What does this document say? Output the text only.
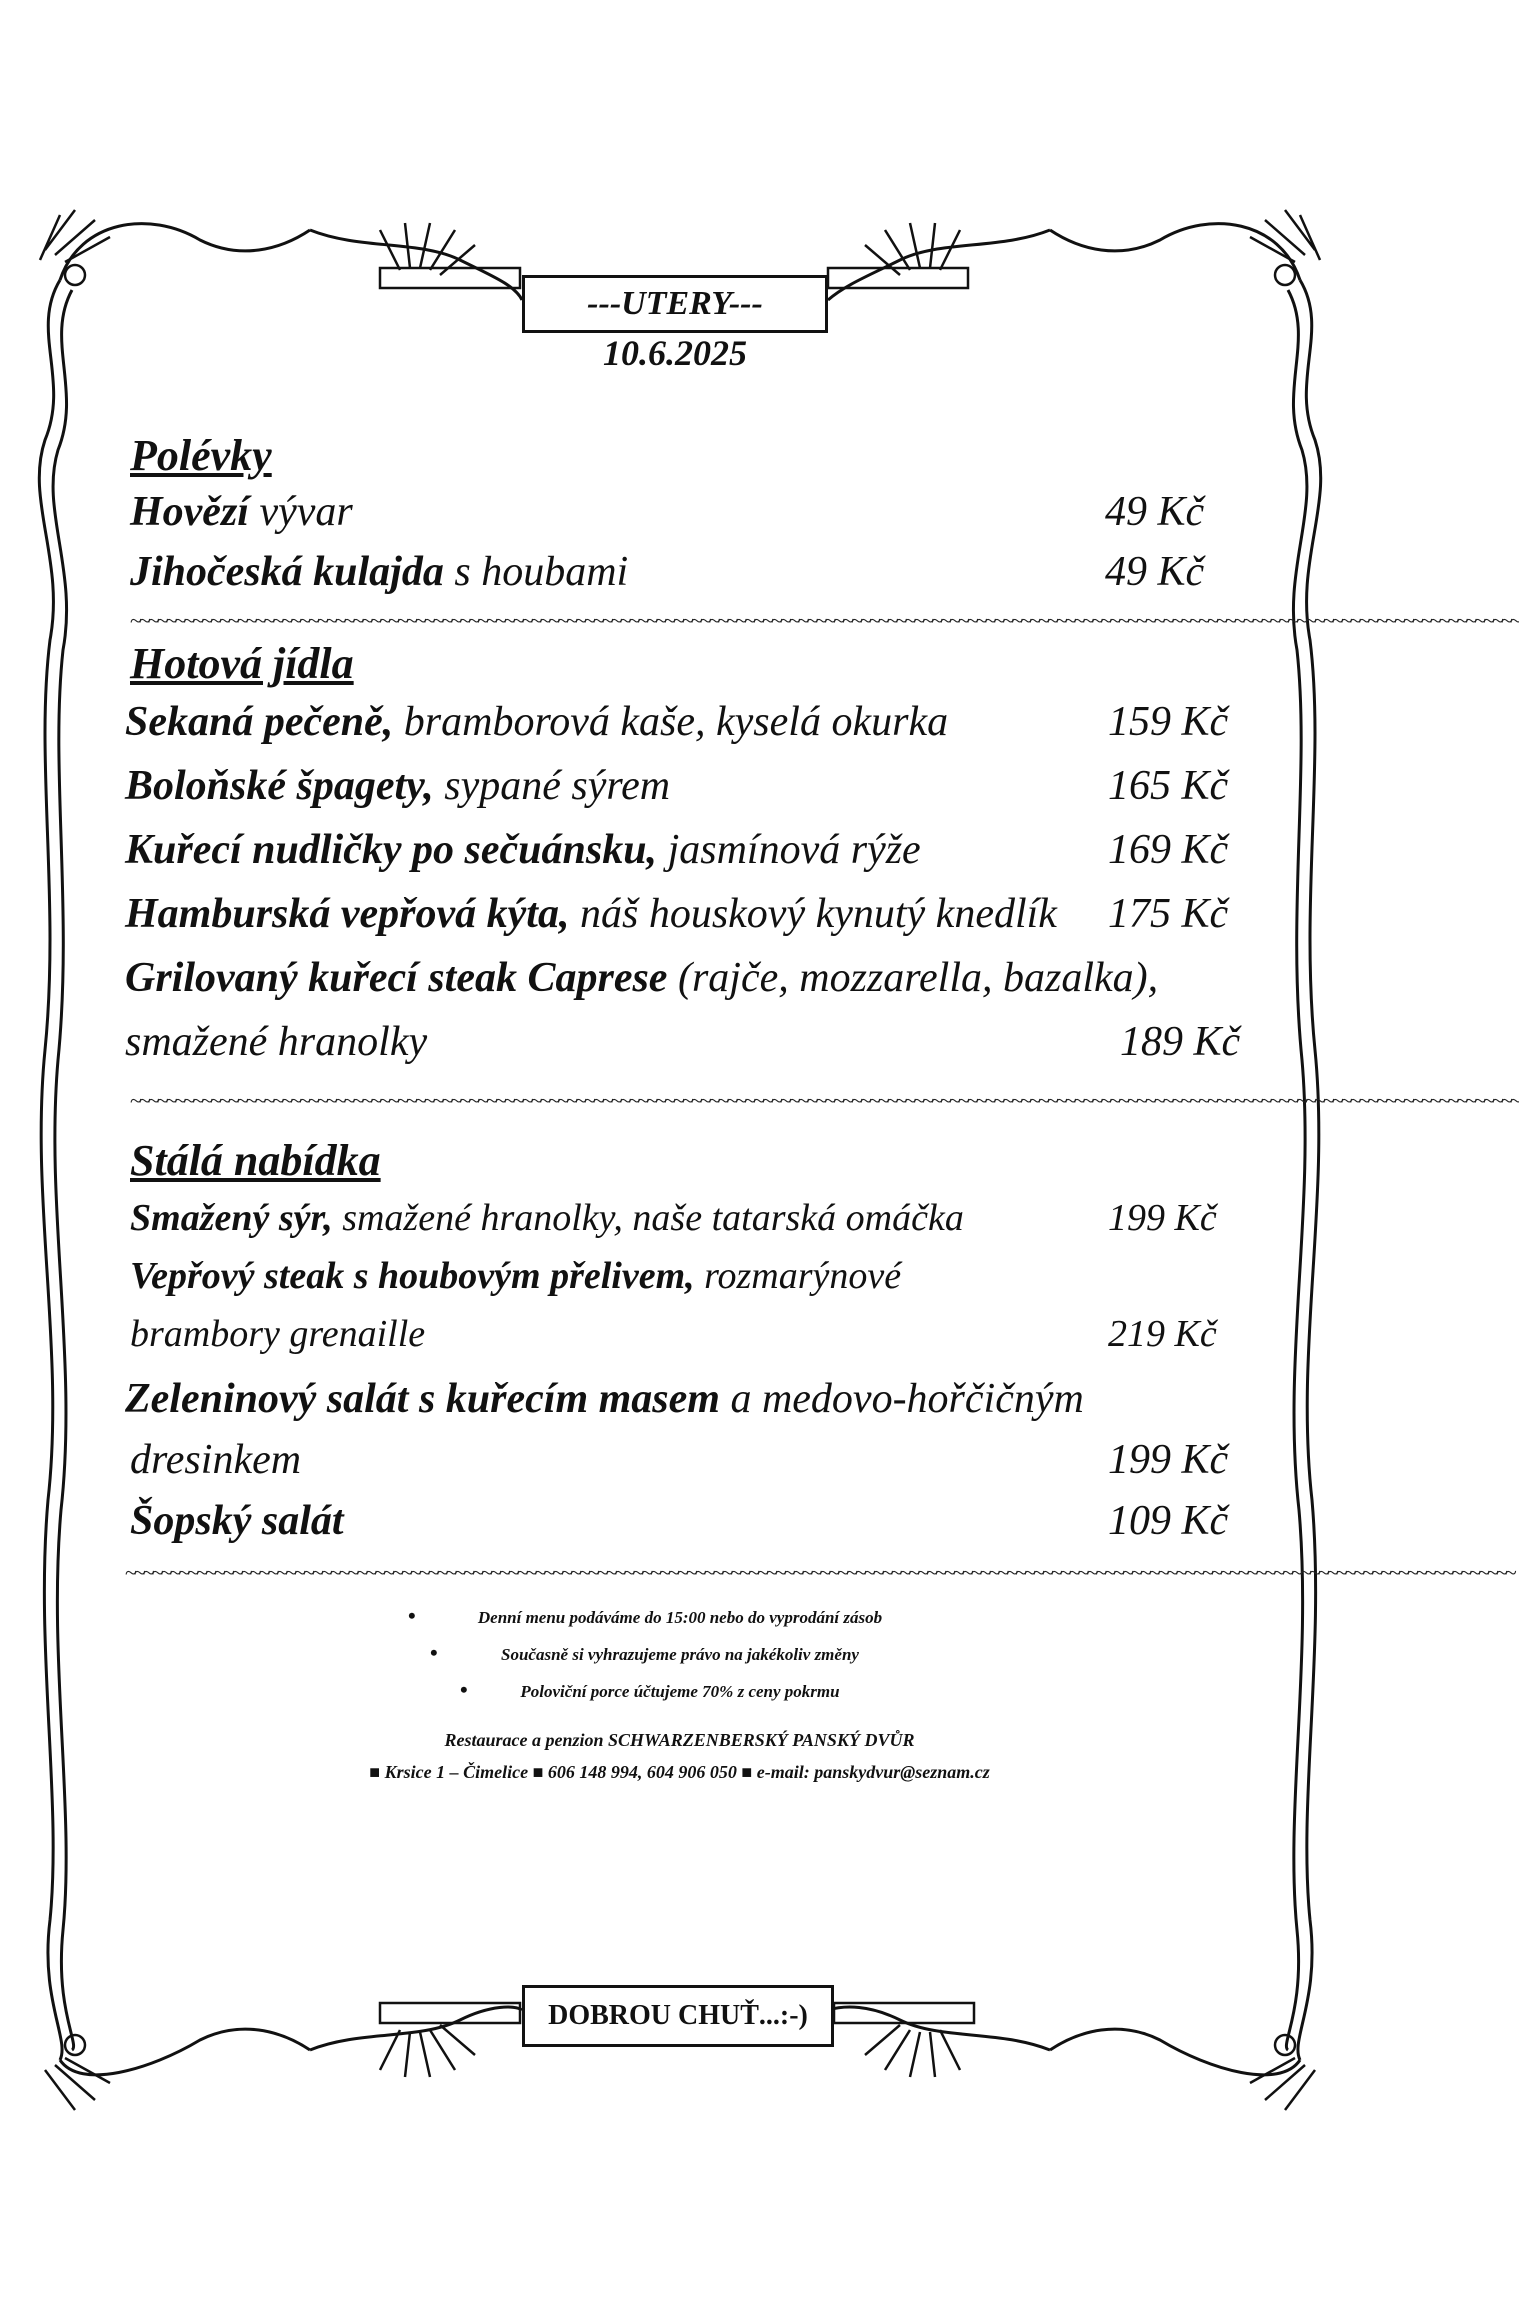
---UTERY---
10.6.2025
Polévky
Hovězí vývar	49 Kč
Jihočeská kulajda s houbami	49 Kč
~~~~~~~~~~~~~~~~~~~~~~~~~~~~~~~~~~~~~~~~~~~~~~~~~~~~~~~~~~~~~~~~~~~~~~~~~~~~~~~~~~~~~~~~~~~~~~~~~~~~~~~~~~~~~~~~~~~~~~~~~~~~~~~~~~~~~~~~~~~~~~~~~~~~~~~~~~~~
Hotová jídla
Sekaná pečeně, bramborová kaše, kyselá okurka	159 Kč
Boloňské špagety, sypané sýrem	165 Kč
Kuřecí nudličky po sečuánsku, jasmínová rýže	169 Kč
Hamburská vepřová kýta, náš houskový kynutý knedlík 175 Kč
Grilovaný kuřecí steak Caprese (rajče, mozzarella, bazalka),
smažené hranolky	189 Kč
~~~~~~~~~~~~~~~~~~~~~~~~~~~~~~~~~~~~~~~~~~~~~~~~~~~~~~~~~~~~~~~~~~~~~~~~~~~~~~~~~~~~~~~~~~~~~~~~~~~~~~~~~~~~~~~~~~~~~~~~~~~~~~~~~~~~~~~~~~~~~~~~~~~~~~~~~~~~
Stálá nabídka
Smažený sýr, smažené hranolky, naše tatarská omáčka	199 Kč
Vepřový steak s houbovým přelivem, rozmarýnové
brambory grenaille	219 Kč
Zeleninový salát s kuřecím masem a medovo-hořčičným
dresinkem	199 Kč
Šopský salát	109 Kč
~~~~~~~~~~~~~~~~~~~~~~~~~~~~~~~~~~~~~~~~~~~~~~~~~~~~~~~~~~~~~~~~~~~~~~~~~~~~~~~~~~~~~~~~~~~~~~~~~~~~~~~~~~~~~~~~~~~~~~~~~~~~~~~~~~~~~~~~~~~~~~~~~~~~~~~~~~~~
•	Denní menu podáváme do 15:00 nebo do vyprodání zásob
•	Současně si vyhrazujeme právo na jakékoliv změny
•	Poloviční porce účtujeme 70% z ceny pokrmu
Restaurace a penzion SCHWARZENBERSKÝ PANSKÝ DVŮR
■ Krsice 1 – Čimelice ■ 606 148 994, 604 906 050 ■ e-mail: panskydvur@seznam.cz
DOBROU CHUŤ...:-)
